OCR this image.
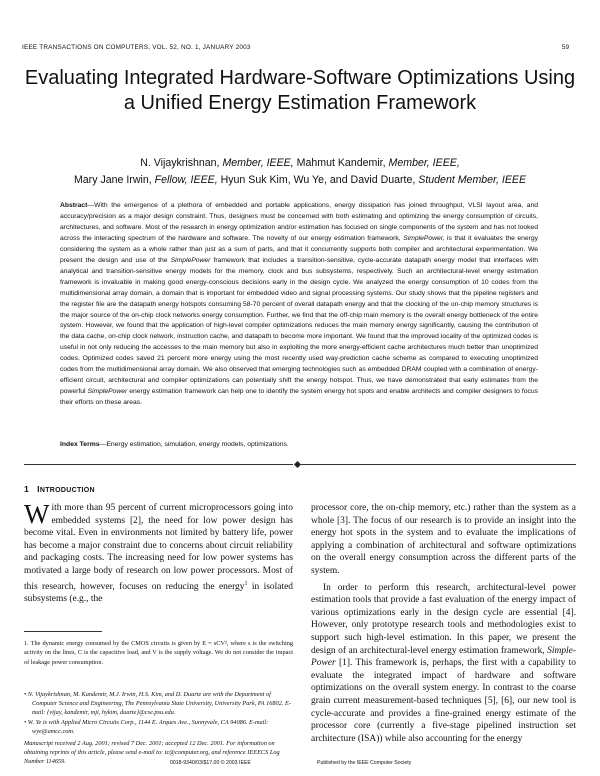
IEEE TRANSACTIONS ON COMPUTERS, VOL. 52, NO. 1, JANUARY 2003	59
Evaluating Integrated Hardware-Software Optimizations Using a Unified Energy Estimation Framework
N. Vijaykrishnan, Member, IEEE, Mahmut Kandemir, Member, IEEE,
Mary Jane Irwin, Fellow, IEEE, Hyun Suk Kim, Wu Ye, and David Duarte, Student Member, IEEE
Abstract—With the emergence of a plethora of embedded and portable applications, energy dissipation has joined throughput, VLSI layout area, and accuracy/precision as a major design constraint. Thus, designers must be concerned with both estimating and optimizing the energy consumption of circuits, architectures, and software. Most of the research in energy optimization and/or estimation has focused on single components of the system and has not looked across the interacting spectrum of the hardware and software. The novelty of our energy estimation framework, SimplePower, is that it evaluates the energy considering the system as a whole rather than just as a sum of parts, and that it concurrently supports both compiler and architectural experimentation. We present the design and use of the SimplePower framework that includes a transition-sensitive, cycle-accurate datapath energy model that interfaces with analytical and transition-sensitive energy models for the memory, clock and bus subsystems, respectively. Such an architectural-level energy estimation framework is invaluable in making good energy-conscious decisions early in the design cycle. We analyzed the energy consumption of 10 codes from the multidimensional array domain, a domain that is important for embedded video and signal processing systems. Our study shows that the pipeline registers and the register file are the datapath energy hotspots consuming 58-70 percent of overall datapath energy and that the clocking of the on-chip memory structures is the major source of the on-chip clock networks energy consumption. Further, we find that the off-chip main memory is the overall energy bottleneck of the entire system. However, we found that the application of high-level compiler optimizations reduces the main memory energy significantly, causing the contribution of the data cache, on-chip clock network, instruction cache, and datapath to become more important. We found that the improved locality of the optimized codes is useful in not only reducing the accesses to the main memory but also in exploiting the more energy-efficient cache architectures much better than unoptimized codes. Optimized codes saved 21 percent more energy using the most recently used way-prediction cache scheme as compared to executing unoptimized codes from the multidimensional array domain. We also observed that emerging technologies such as embedded DRAM coupled with a combination of energy-efficient circuit, architectural and compiler optimizations can potentially shift the energy hotspot. Thus, we have demonstrated that early estimates from the powerful SimplePower energy estimation framework can help one to identify the system energy hot spots and enable architects and compiler designers to focus their efforts on these areas.
Index Terms—Energy estimation, simulation, energy models, optimizations.
1 INTRODUCTION

With more than 95 percent of current microprocessors going into embedded systems [2], the need for low power design has become vital. Even in environments not limited by battery life, power has become a major constraint due to concerns about circuit reliability and packaging costs. The increasing need for low power systems has motivated a large body of research on low power processors. Most of this research, however, focuses on reducing the energy$^1$ in isolated subsystems (e.g., the

1. The dynamic energy consumed by the CMOS circuits is given by E = sCV², where s is the switching activity on the lines, C is the capacitive load, and V is the supply voltage. We do not consider the impact of leakage power consumption.
• N. Vijaykrishnan, M. Kandemir, M.J. Irwin, H.S. Kim, and D. Duarte are with the Department of Computer Science and Engineering, The Pennsylvania State University, University Park, PA 16802. E-mail: {vijay, kandemir, mji, hykim, duarte}@cse.psu.edu.
• W. Ye is with Applied Micro Circuits Corp., 1144 E. Arques Ave., Sunnyvale, CA 94086. E-mail: wye@amcc.com.
Manuscript received 2 Aug. 2001; revised 7 Dec. 2001; accepted 12 Dec. 2001. For information on obtaining reprints of this article, please send e-mail to: tc@computer.org, and reference IEEECS Log Number 114659.

processor core, the on-chip memory, etc.) rather than the system as a whole [3]. The focus of our research is to provide an insight into the energy hot spots in the system and to evaluate the implications of applying a combination of architectural and software optimizations on the overall energy consumption across the different parts of the system.

In order to perform this research, architectural-level power estimation tools that provide a fast evaluation of the energy impact of various optimizations early in the design cycle are essential [4]. However, only prototype research tools and methodologies exist to support such high-level estimation. In this paper, we present the design of an architectural-level energy estimation framework, Simple-Power [1]. This framework is, perhaps, the first with a capability to evaluate the integrated impact of hardware and software optimizations on the overall system energy. In contrast to the coarse grain current measurement-based techniques [5], [6], our new tool is cycle-accurate and provides a fine-grained energy estimate of the processor core (currently a five-stage pipelined instruction set architecture (ISA)) while also accounting for the energy

0018-9340/03/$17.00 © 2003 IEEE	Published by the IEEE Computer Society
